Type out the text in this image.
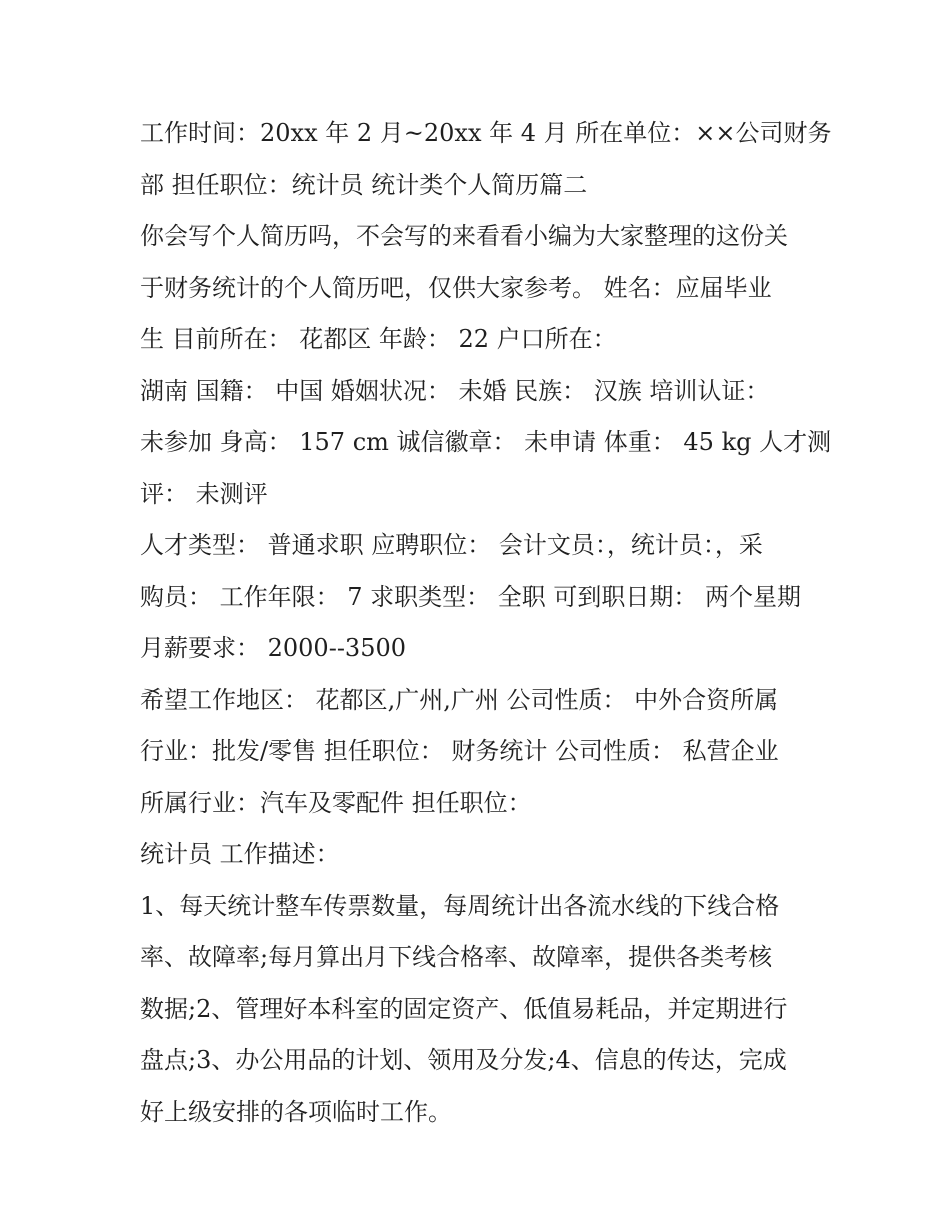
工作时间：20xx 年 2 月~20xx 年 4 月 所在单位：××公司财务

部 担任职位：统计员 统计类个人简历篇二

你会写个人简历吗，不会写的来看看小编为大家整理的这份关

于财务统计的个人简历吧，仅供大家参考。 姓名：应届毕业

生 目前所在： 花都区 年龄： 22 户口所在：

湖南 国籍： 中国 婚姻状况： 未婚 民族： 汉族 培训认证：

未参加 身高： 157 cm 诚信徽章： 未申请 体重： 45 kg 人才测

评： 未测评

人才类型： 普通求职 应聘职位： 会计文员：，统计员：，采

购员： 工作年限： 7 求职类型： 全职 可到职日期： 两个星期

月薪要求： 2000--3500

希望工作地区： 花都区,广州,广州 公司性质： 中外合资所属

行业：批发/零售 担任职位： 财务统计 公司性质： 私营企业

所属行业：汽车及零配件 担任职位：

统计员 工作描述：

1、每天统计整车传票数量，每周统计出各流水线的下线合格

率、故障率;每月算出月下线合格率、故障率，提供各类考核

数据;2、管理好本科室的固定资产、低值易耗品，并定期进行

盘点;3、办公用品的计划、领用及分发;4、信息的传达，完成

好上级安排的各项临时工作。
